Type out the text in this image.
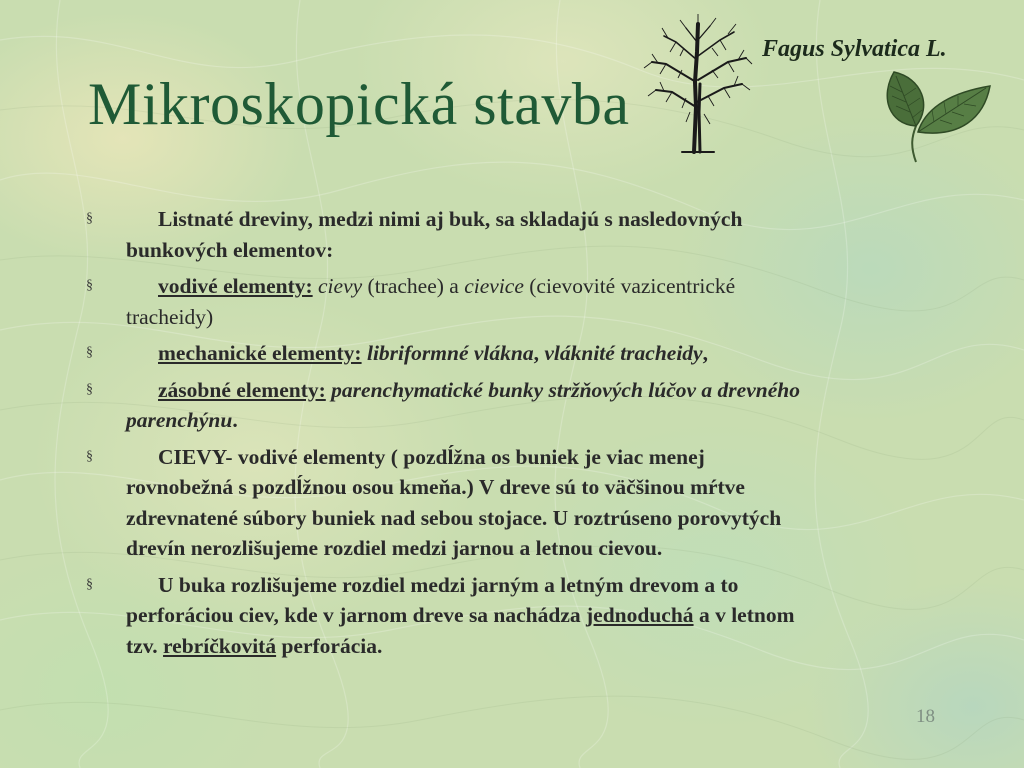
Fagus Sylvatica L.
Mikroskopická stavba
§	Listnaté dreviny, medzi nimi aj buk, sa skladajú s nasledovných
bunkových elementov:
§	vodivé elementy: cievy (trachee) a cievice (cievovité vazicentrické
tracheidy)
§	mechanické elementy: libriformné vlákna, vláknité tracheidy,
§	zásobné elementy: parenchymatické bunky stržňových lúčov a drevného
parenchýnu.
§	CIEVY- vodivé elementy ( pozdĺžna os buniek je viac menej
rovnobežná s pozdĺžnou osou kmeňa.) V dreve sú to väčšinou mŕtve
zdrevnatené súbory buniek nad sebou stojace. U roztrúseno porovytých
drevín nerozlišujeme rozdiel medzi jarnou a letnou cievou.
§	U buka rozlišujeme rozdiel medzi jarným a letným drevom a to
perforáciou ciev, kde v jarnom dreve sa nachádza jednoduchá a v letnom
tzv. rebríčkovitá perforácia.
18
